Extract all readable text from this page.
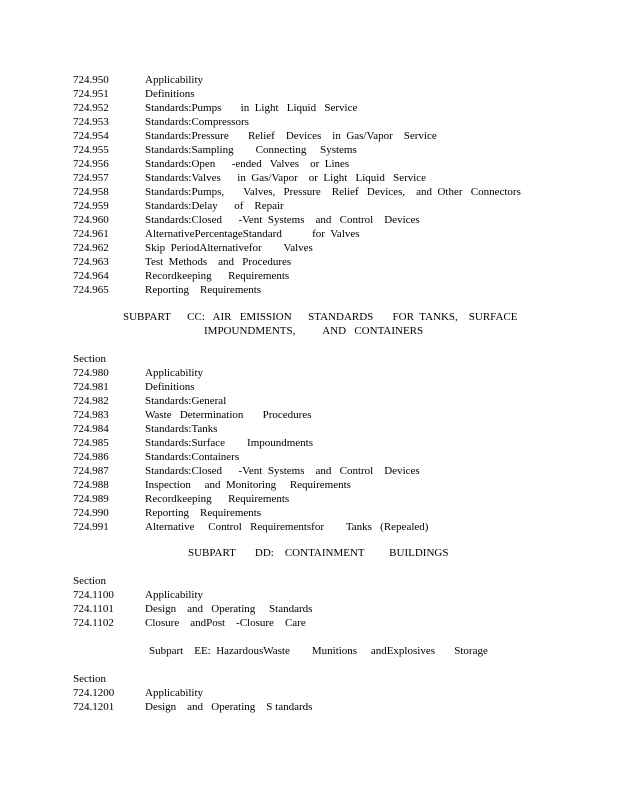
724.950	Applicability
724.951	Definitions
724.952	Standards:Pumps       in  Light   Liquid   Service
724.953	Standards:Compressors
724.954	Standards:Pressure       Relief    Devices    in  Gas/Vapor    Service
724.955	Standards:Sampling        Connecting     Systems
724.956	Standards:Open      -ended   Valves    or  Lines
724.957	Standards:Valves      in  Gas/Vapor    or  Light   Liquid   Service
724.958	Standards:Pumps,       Valves,   Pressure    Relief   Devices,    and  Other   Connectors
724.959	Standards:Delay      of    Repair
724.960	Standards:Closed      -Vent  Systems    and   Control    Devices
724.961	AlternativePercentageStandard           for  Valves
724.962	Skip  PeriodAlternativefor        Valves
724.963	Test  Methods    and   Procedures
724.964	Recordkeeping      Requirements
724.965	Reporting    Requirements
SUBPART      CC:   AIR   EMISSION      STANDARDS       FOR  TANKS,    SURFACE
IMPOUNDMENTS,          AND   CONTAINERS
Section
724.980	Applicability
724.981	Definitions
724.982	Standards:General
724.983	Waste   Determination       Procedures
724.984	Standards:Tanks
724.985	Standards:Surface        Impoundments
724.986	Standards:Containers
724.987	Standards:Closed      -Vent  Systems    and   Control    Devices
724.988	Inspection     and  Monitoring     Requirements
724.989	Recordkeeping      Requirements
724.990	Reporting    Requirements
724.991	Alternative     Control   Requirementsfor        Tanks   (Repealed)
SUBPART       DD:    CONTAINMENT         BUILDINGS
Section
724.1100	Applicability
724.1101	Design    and   Operating     Standards
724.1102	Closure    andPost    -Closure    Care
Subpart    EE:  HazardousWaste        Munitions     andExplosives       Storage
Section
724.1200	Applicability
724.1201	Design    and   Operating    S tandards
